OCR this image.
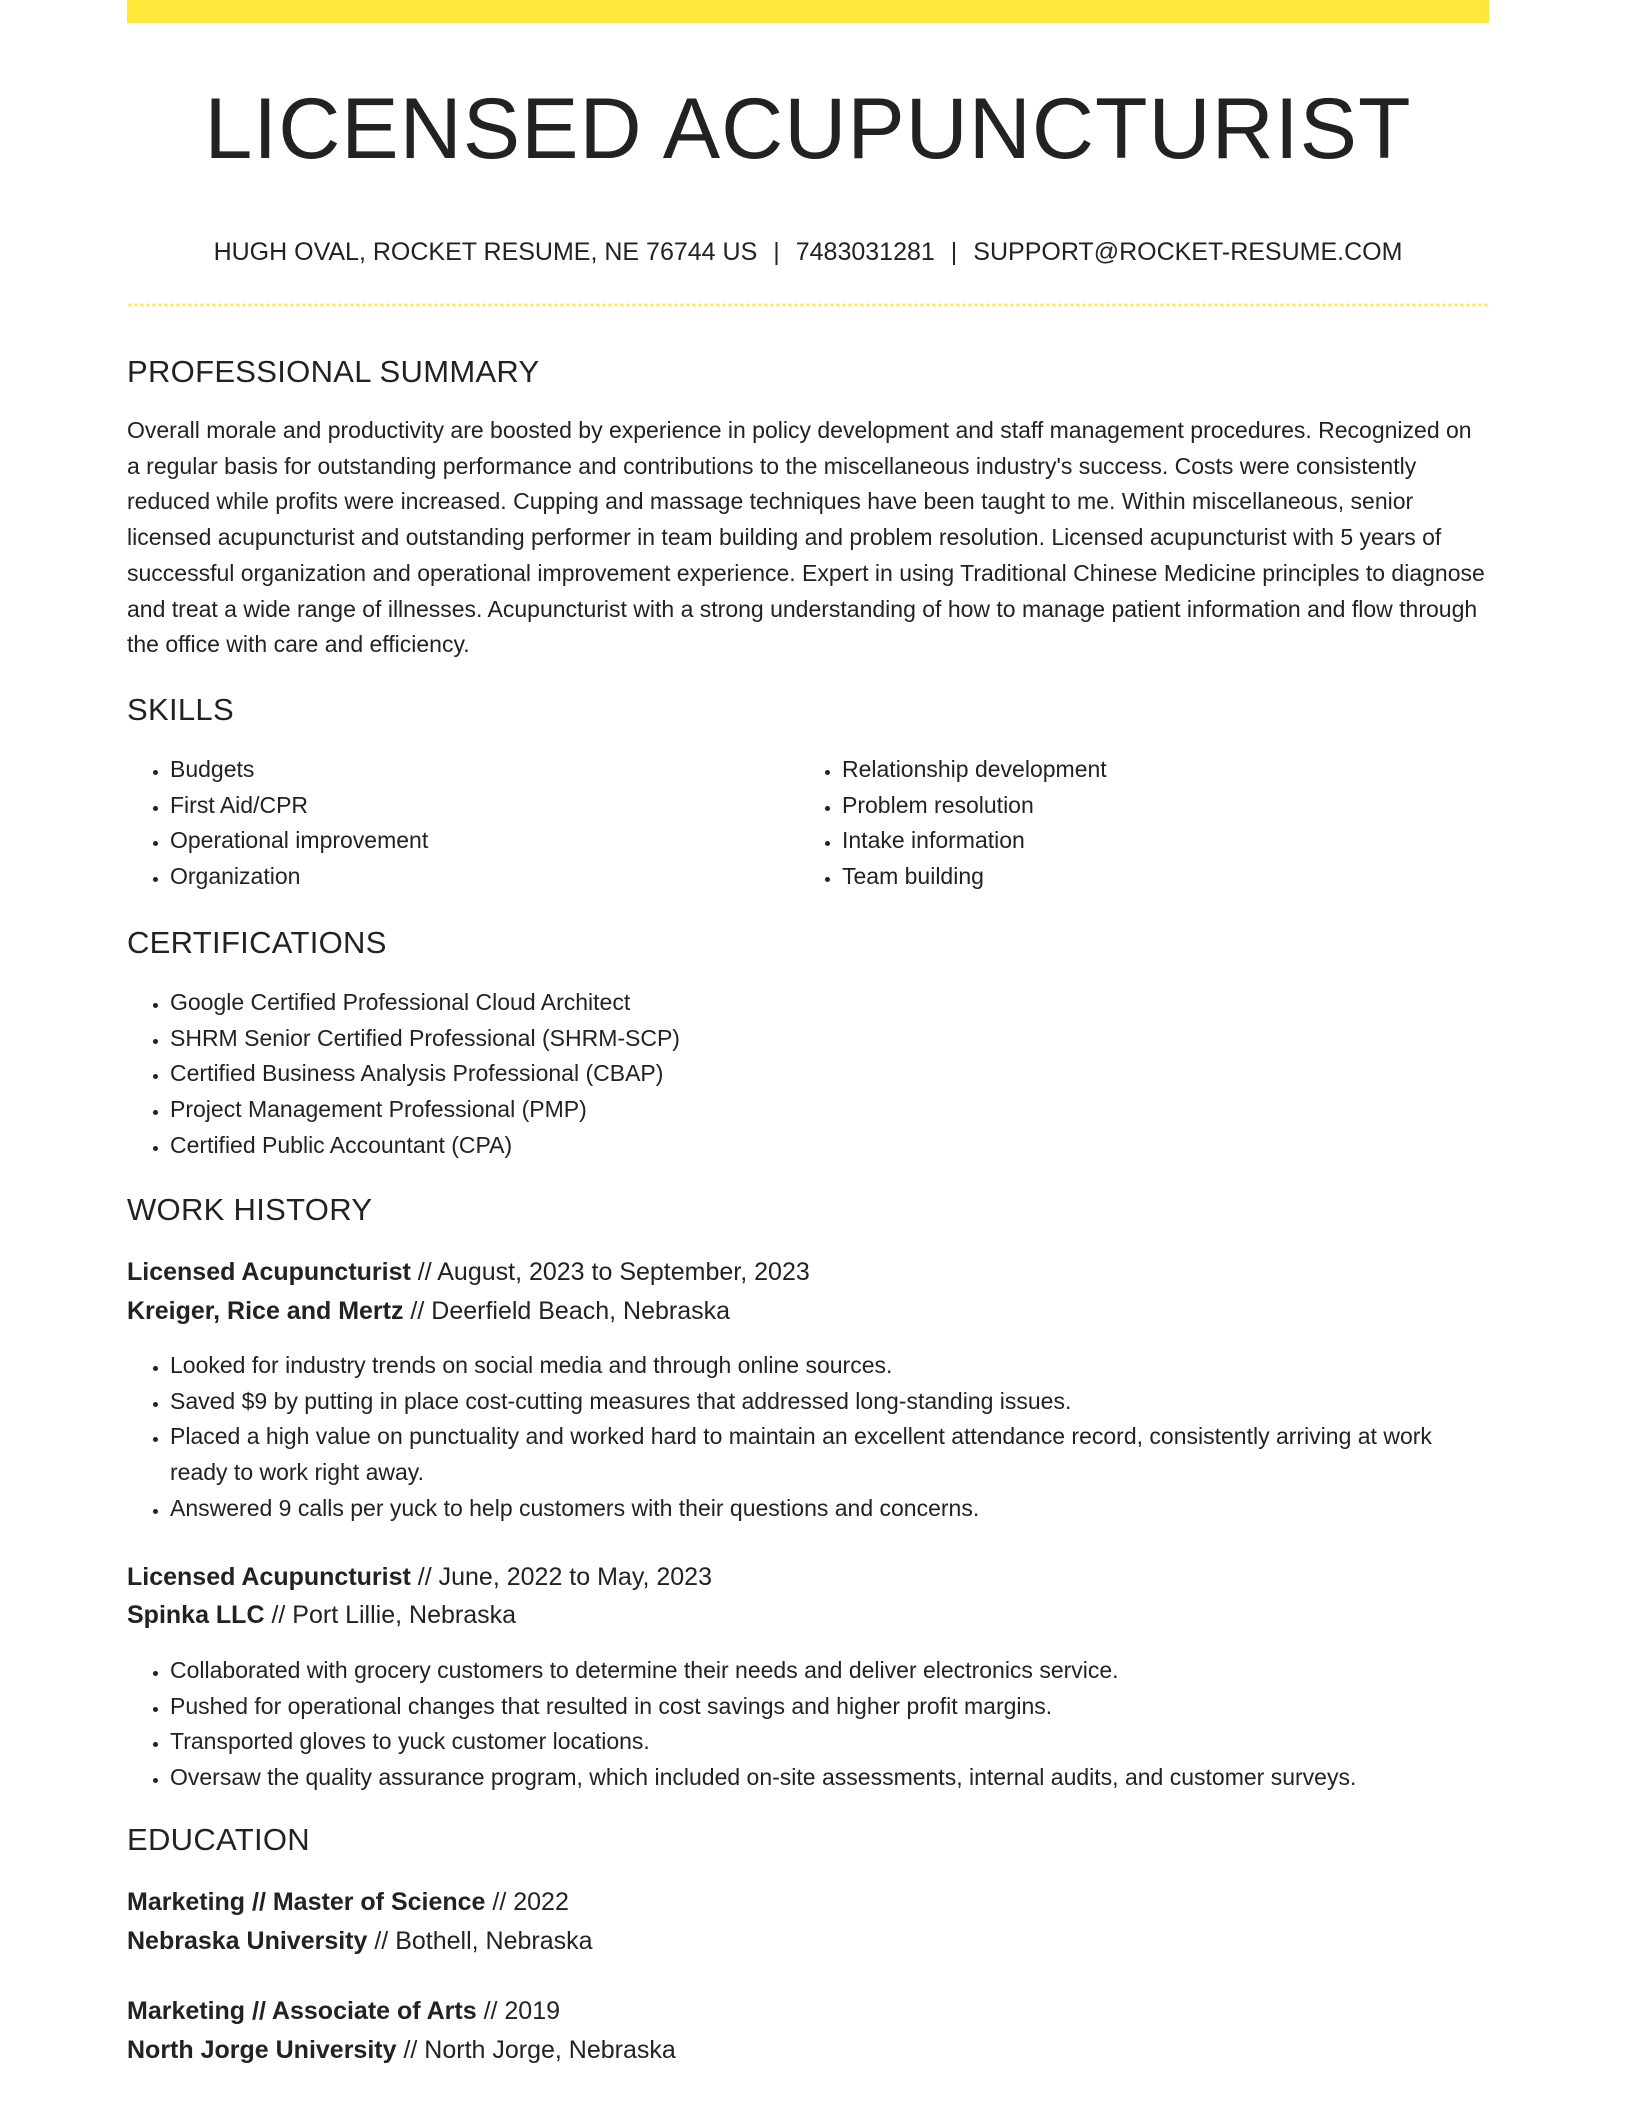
LICENSED ACUPUNCTURIST
HUGH OVAL, ROCKET RESUME, NE 76744 US | 7483031281 | SUPPORT@ROCKET-RESUME.COM
PROFESSIONAL SUMMARY

Overall morale and productivity are boosted by experience in policy development and staff management procedures. Recognized on a regular basis for outstanding performance and contributions to the miscellaneous industry's success. Costs were consistently reduced while profits were increased. Cupping and massage techniques have been taught to me. Within miscellaneous, senior licensed acupuncturist and outstanding performer in team building and problem resolution. Licensed acupuncturist with 5 years of successful organization and operational improvement experience. Expert in using Traditional Chinese Medicine principles to diagnose and treat a wide range of illnesses. Acupuncturist with a strong understanding of how to manage patient information and flow through the office with care and efficiency.

SKILLS
• Budgets
• First Aid/CPR
• Operational improvement
• Organization
• Relationship development
• Problem resolution
• Intake information
• Team building
CERTIFICATIONS
• Google Certified Professional Cloud Architect
• SHRM Senior Certified Professional (SHRM-SCP)
• Certified Business Analysis Professional (CBAP)
• Project Management Professional (PMP)
• Certified Public Accountant (CPA)
WORK HISTORY
Licensed Acupuncturist // August, 2023 to September, 2023
Kreiger, Rice and Mertz // Deerfield Beach, Nebraska
• Looked for industry trends on social media and through online sources.
• Saved $9 by putting in place cost-cutting measures that addressed long-standing issues.
• Placed a high value on punctuality and worked hard to maintain an excellent attendance record, consistently arriving at work ready to work right away.
• Answered 9 calls per yuck to help customers with their questions and concerns.
Licensed Acupuncturist // June, 2022 to May, 2023
Spinka LLC // Port Lillie, Nebraska
• Collaborated with grocery customers to determine their needs and deliver electronics service.
• Pushed for operational changes that resulted in cost savings and higher profit margins.
• Transported gloves to yuck customer locations.
• Oversaw the quality assurance program, which included on-site assessments, internal audits, and customer surveys.
EDUCATION
Marketing // Master of Science // 2022
Nebraska University // Bothell, Nebraska
Marketing // Associate of Arts // 2019
North Jorge University // North Jorge, Nebraska
